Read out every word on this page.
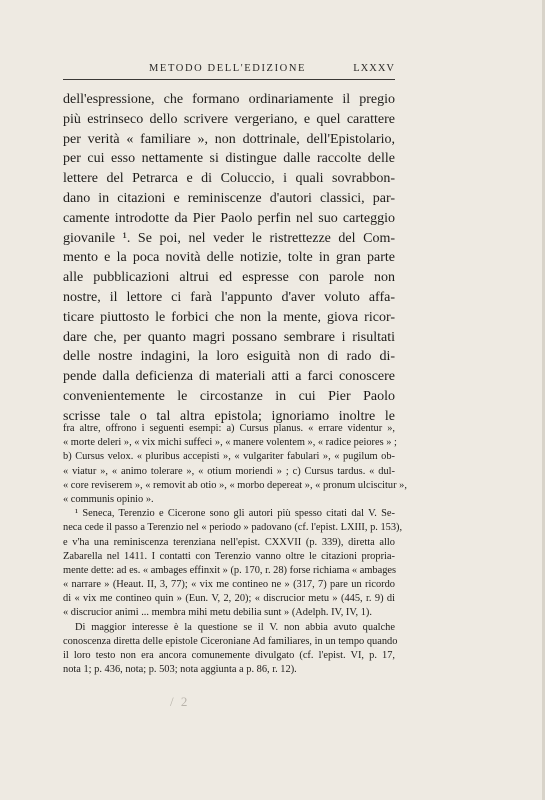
METODO DELL'EDIZIONE	LXXXV
dell'espressione, che formano ordinariamente il pregio
più estrinseco dello scrivere vergeriano, e quel carattere
per verità « familiare », non dottrinale, dell'Epistolario,
per cui esso nettamente si distingue dalle raccolte delle
lettere del Petrarca e di Coluccio, i quali sovrabbon-
dano in citazioni e reminiscenze d'autori classici, par-
camente introdotte da Pier Paolo perfin nel suo carteggio
giovanile ¹. Se poi, nel veder le ristrettezze del Com-
mento e la poca novità delle notizie, tolte in gran parte
alle pubblicazioni altrui ed espresse con parole non
nostre, il lettore ci farà l'appunto d'aver voluto affa-
ticare piuttosto le forbici che non la mente, giova ricor-
dare che, per quanto magri possano sembrare i risultati
delle nostre indagini, la loro esiguità non di rado di-
pende dalla deficienza di materiali atti a farci conoscere
convenientemente le circostanze in cui Pier Paolo
scrisse tale o tal altra epistola; ignoriamo inoltre le
fra altre, offrono i seguenti esempi: a) Cursus planus. « errare videntur »,
« morte deleri », « vix michi suffeci », « manere volentem », « radice peiores » ;
b) Cursus velox. « pluribus accepisti », « vulgariter fabulari », « pugilum ob-
« viatur », « animo tolerare », « otium moriendi » ; c) Cursus tardus. « dul-
« core reviserem », « removit ab otio », « morbo depereat », « pronum ulciscitur »,
« communis opinio ».
¹ Seneca, Terenzio e Cicerone sono gli autori più spesso citati dal V. Se-
neca cede il passo a Terenzio nel « periodo » padovano (cf. l'epist. LXIII, p. 153),
e v'ha una reminiscenza terenziana nell'epist. CXXVII (p. 339), diretta allo
Zabarella nel 1411. I contatti con Terenzio vanno oltre le citazioni propria-
mente dette: ad es. « ambages effinxit » (p. 170, r. 28) forse richiama « ambages
« narrare » (Heaut. II, 3, 77); « vix me contineo ne » (317, 7) pare un ricordo
di « vix me contineo quin » (Eun. V, 2, 20); « discrucior metu » (445, r. 9) di
« discrucior animi ... membra mihi metu debilia sunt » (Adelph. IV, IV, 1).
Di maggior interesse è la questione se il V. non abbia avuto qualche
conoscenza diretta delle epistole Ciceroniane Ad familiares, in un tempo quando
il loro testo non era ancora comunemente divulgato (cf. l'epist. VI, p. 17,
nota 1; p. 436, nota; p. 503; nota aggiunta a p. 86, r. 12).
/ 2
